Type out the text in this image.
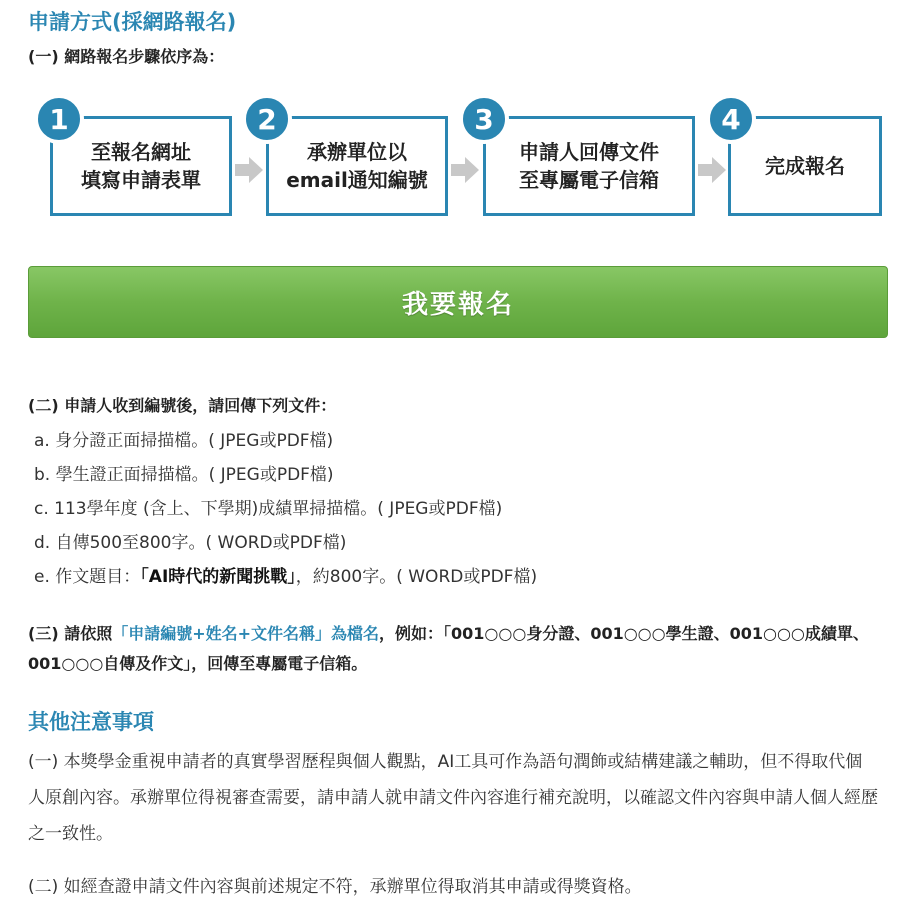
申請方式(採網路報名)
(一) 網路報名步驟依序為：
至報名網址
填寫申請表單
1
承辦單位以
email通知編號
2
申請人回傳文件
至專屬電子信箱
3
完成報名
4
我要報名
(二) 申請人收到編號後，請回傳下列文件：
a. 身分證正面掃描檔。( JPEG或PDF檔)
b. 學生證正面掃描檔。( JPEG或PDF檔)
c. 113學年度 (含上、下學期)成績單掃描檔。( JPEG或PDF檔)
d. 自傳500至800字。( WORD或PDF檔)
e. 作文題目：「AI時代的新聞挑戰」，約800字。( WORD或PDF檔)

(三) 請依照「申請編號+姓名+文件名稱」為檔名，例如：「001○○○身分證、001○○○學生證、001○○○成績單、001○○○自傳及作文」，回傳至專屬電子信箱。

其他注意事項

(一) 本獎學金重視申請者的真實學習歷程與個人觀點，AI工具可作為語句潤飾或結構建議之輔助，但不得取代個人原創內容。承辦單位得視審查需要，請申請人就申請文件內容進行補充說明，以確認文件內容與申請人個人經歷之一致性。

(二) 如經查證申請文件內容與前述規定不符，承辦單位得取消其申請或得獎資格。
